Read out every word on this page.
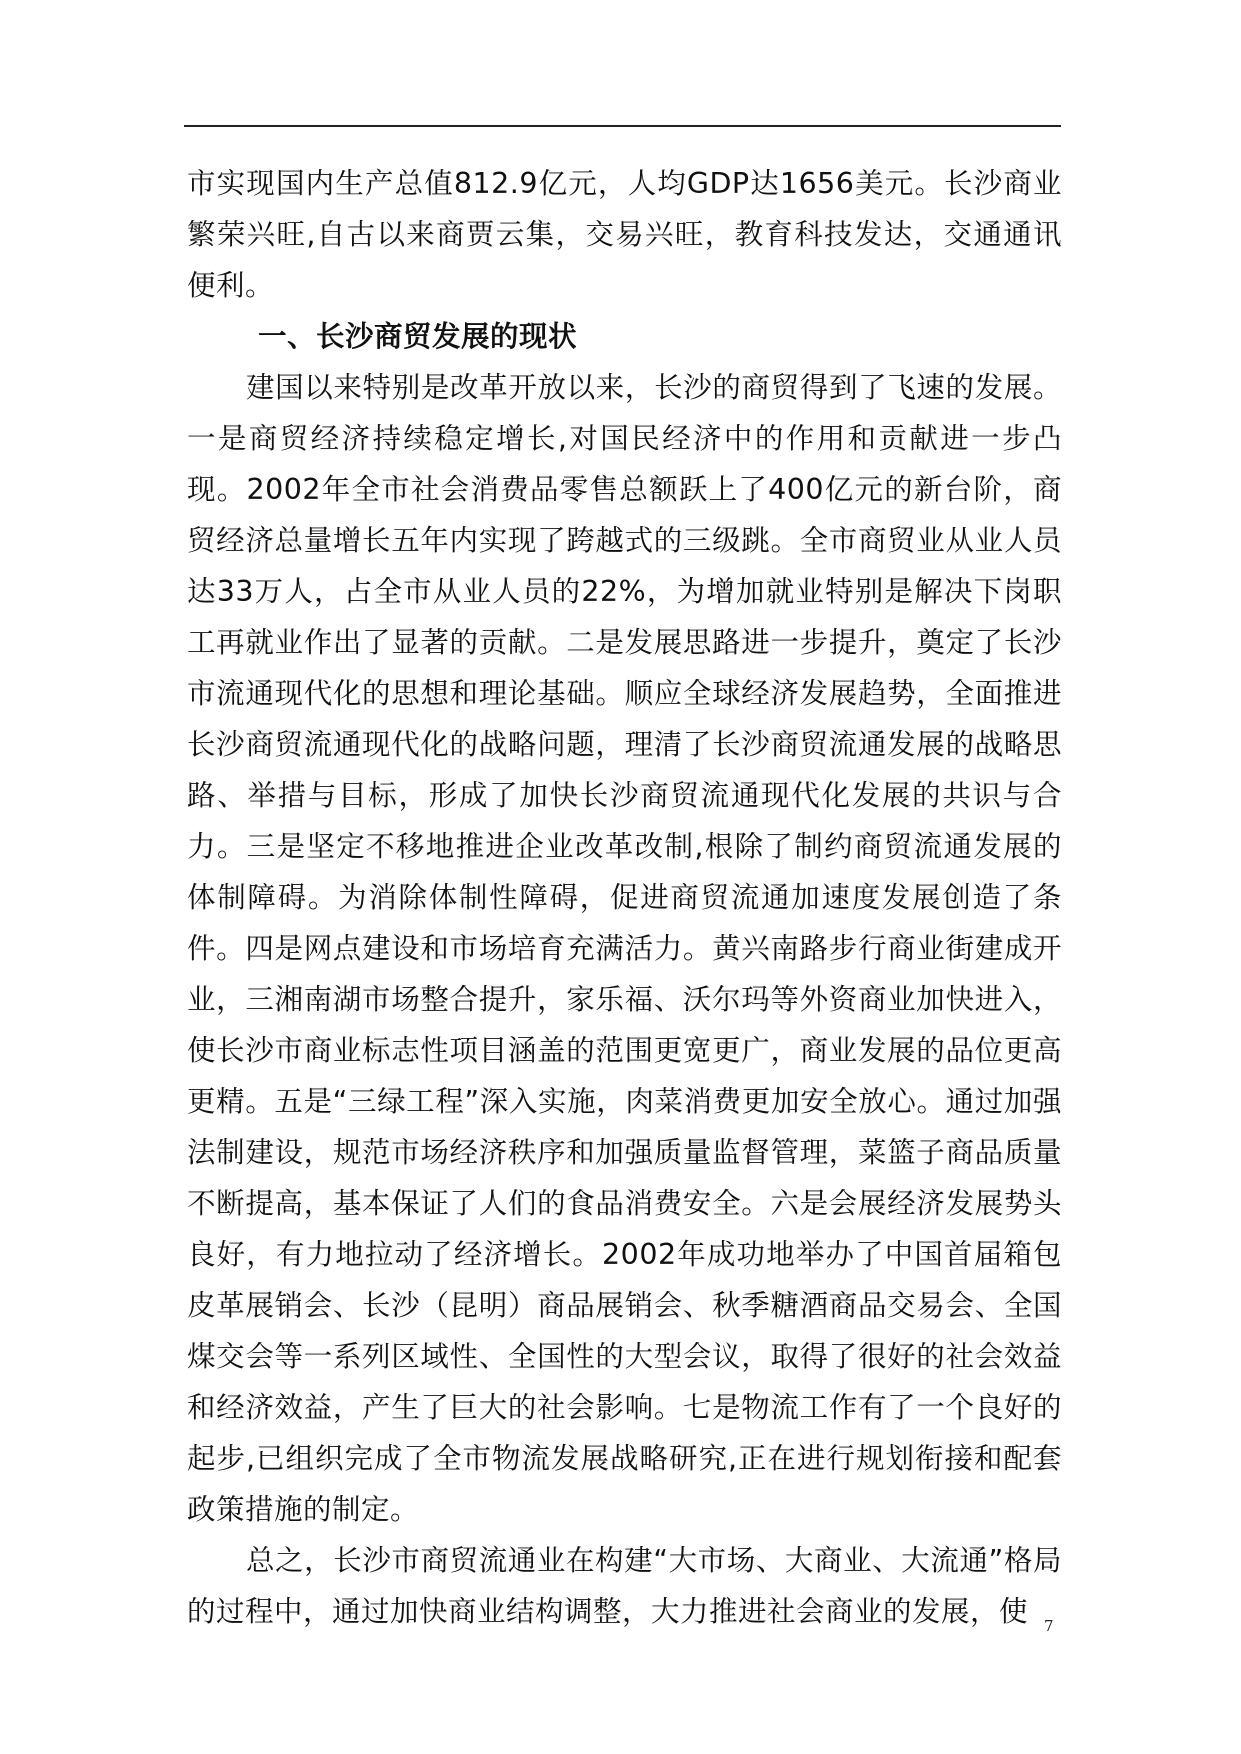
市实现国内生产总值812.9亿元，人均GDP达1656美元。长沙商业繁荣兴旺,自古以来商贾云集，交易兴旺，教育科技发达，交通通讯便利。

一、长沙商贸发展的现状

建国以来特别是改革开放以来，长沙的商贸得到了飞速的发展。一是商贸经济持续稳定增长,对国民经济中的作用和贡献进一步凸现。2002年全市社会消费品零售总额跃上了400亿元的新台阶，商贸经济总量增长五年内实现了跨越式的三级跳。全市商贸业从业人员达33万人，占全市从业人员的22%，为增加就业特别是解决下岗职工再就业作出了显著的贡献。二是发展思路进一步提升，奠定了长沙市流通现代化的思想和理论基础。顺应全球经济发展趋势，全面推进长沙商贸流通现代化的战略问题，理清了长沙商贸流通发展的战略思路、举措与目标，形成了加快长沙商贸流通现代化发展的共识与合力。三是坚定不移地推进企业改革改制,根除了制约商贸流通发展的体制障碍。为消除体制性障碍，促进商贸流通加速度发展创造了条件。四是网点建设和市场培育充满活力。黄兴南路步行商业街建成开业，三湘南湖市场整合提升，家乐福、沃尔玛等外资商业加快进入，使长沙市商业标志性项目涵盖的范围更宽更广，商业发展的品位更高更精。五是“三绿工程”深入实施，肉菜消费更加安全放心。通过加强法制建设，规范市场经济秩序和加强质量监督管理，菜篮子商品质量不断提高，基本保证了人们的食品消费安全。六是会展经济发展势头良好，有力地拉动了经济增长。2002年成功地举办了中国首届箱包皮革展销会、长沙（昆明）商品展销会、秋季糖酒商品交易会、全国煤交会等一系列区域性、全国性的大型会议，取得了很好的社会效益和经济效益，产生了巨大的社会影响。七是物流工作有了一个良好的起步,已组织完成了全市物流发展战略研究,正在进行规划衔接和配套政策措施的制定。

总之，长沙市商贸流通业在构建“大市场、大商业、大流通”格局的过程中，通过加快商业结构调整，大力推进社会商业的发展，使	7
